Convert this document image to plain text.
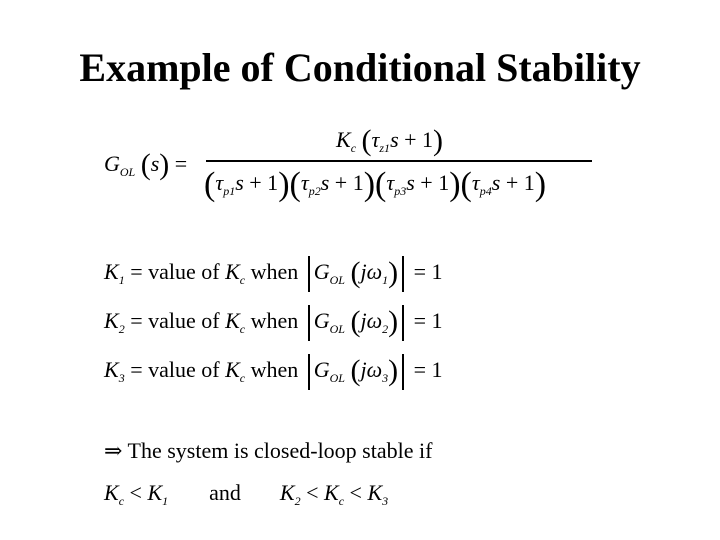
Example of Conditional Stability
$G_{OL}$ (s) =
$K_c$ $(\tau_{z1}s + 1)$
$(\tau_{p1}s + 1)(\tau_{p2}s + 1)(\tau_{p3}s + 1)(\tau_{p4}s + 1)$
$K_1$ = value of $K_c$ when $G_{OL}$ $(j\omega_1) = 1$
$K_2$ = value of $K_c$ when $G_{OL}$ $(j\omega_2) = 1$
$K_3$ = value of $K_c$ when $G_{OL}$ $(j\omega_3) = 1$
⇒ The system is closed-loop stable if
$K_c < K_1$ and $K_2 < K_c < K_3$
